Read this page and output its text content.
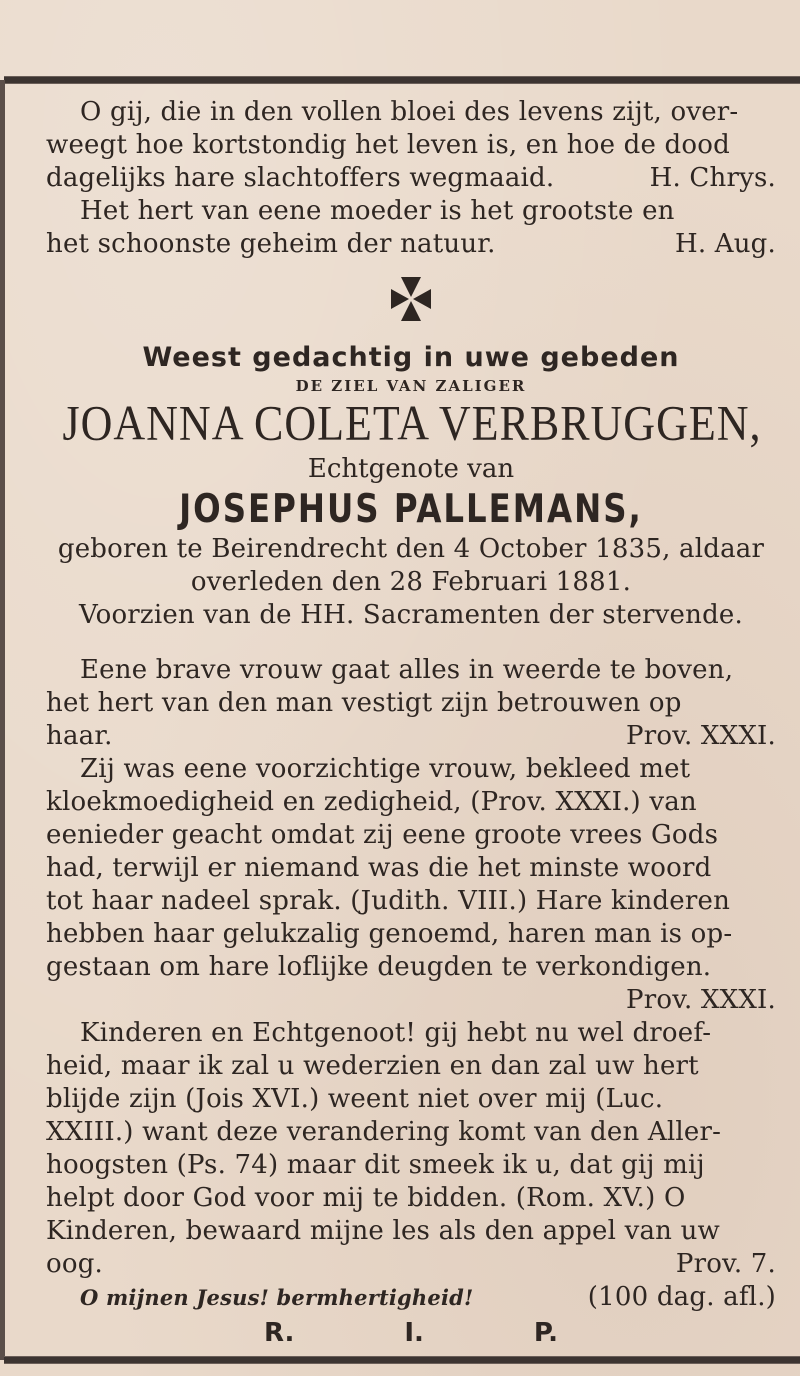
O gij, die in den vollen bloei des levens zijt, over-
weegt hoe kortstondig het leven is, en hoe de dood
dagelijks hare slachtoffers wegmaaid.	H. Chrys.
Het hert van eene moeder is het grootste en
het schoonste geheim der natuur.	H. Aug.
Weest gedachtig in uwe gebeden
DE ZIEL VAN ZALIGER
JOANNA COLETA VERBRUGGEN,
Echtgenote van
JOSEPHUS PALLEMANS,
geboren te Beirendrecht den 4 October 1835, aldaar
overleden den 28 Februari 1881.
Voorzien van de HH. Sacramenten der stervende.
Eene brave vrouw gaat alles in weerde te boven,
het hert van den man vestigt zijn betrouwen op
haar.	Prov. XXXI.
Zij was eene voorzichtige vrouw, bekleed met
kloekmoedigheid en zedigheid, (Prov. XXXI.) van
eenieder geacht omdat zij eene groote vrees Gods
had, terwijl er niemand was die het minste woord
tot haar nadeel sprak. (Judith. VIII.) Hare kinderen
hebben haar gelukzalig genoemd, haren man is op-
gestaan om hare loflijke deugden te verkondigen.
Prov. XXXI.
Kinderen en Echtgenoot! gij hebt nu wel droef-
heid, maar ik zal u wederzien en dan zal uw hert
blijde zijn (Jois XVI.) weent niet over mij (Luc.
XXIII.) want deze verandering komt van den Aller-
hoogsten (Ps. 74) maar dit smeek ik u, dat gij mij
helpt door God voor mij te bidden. (Rom. XV.) O
Kinderen, bewaard mijne les als den appel van uw
oog.	Prov. 7.
O mijnen Jesus! bermhertigheid!	(100 dag. afl.)
R.	I.	P.
